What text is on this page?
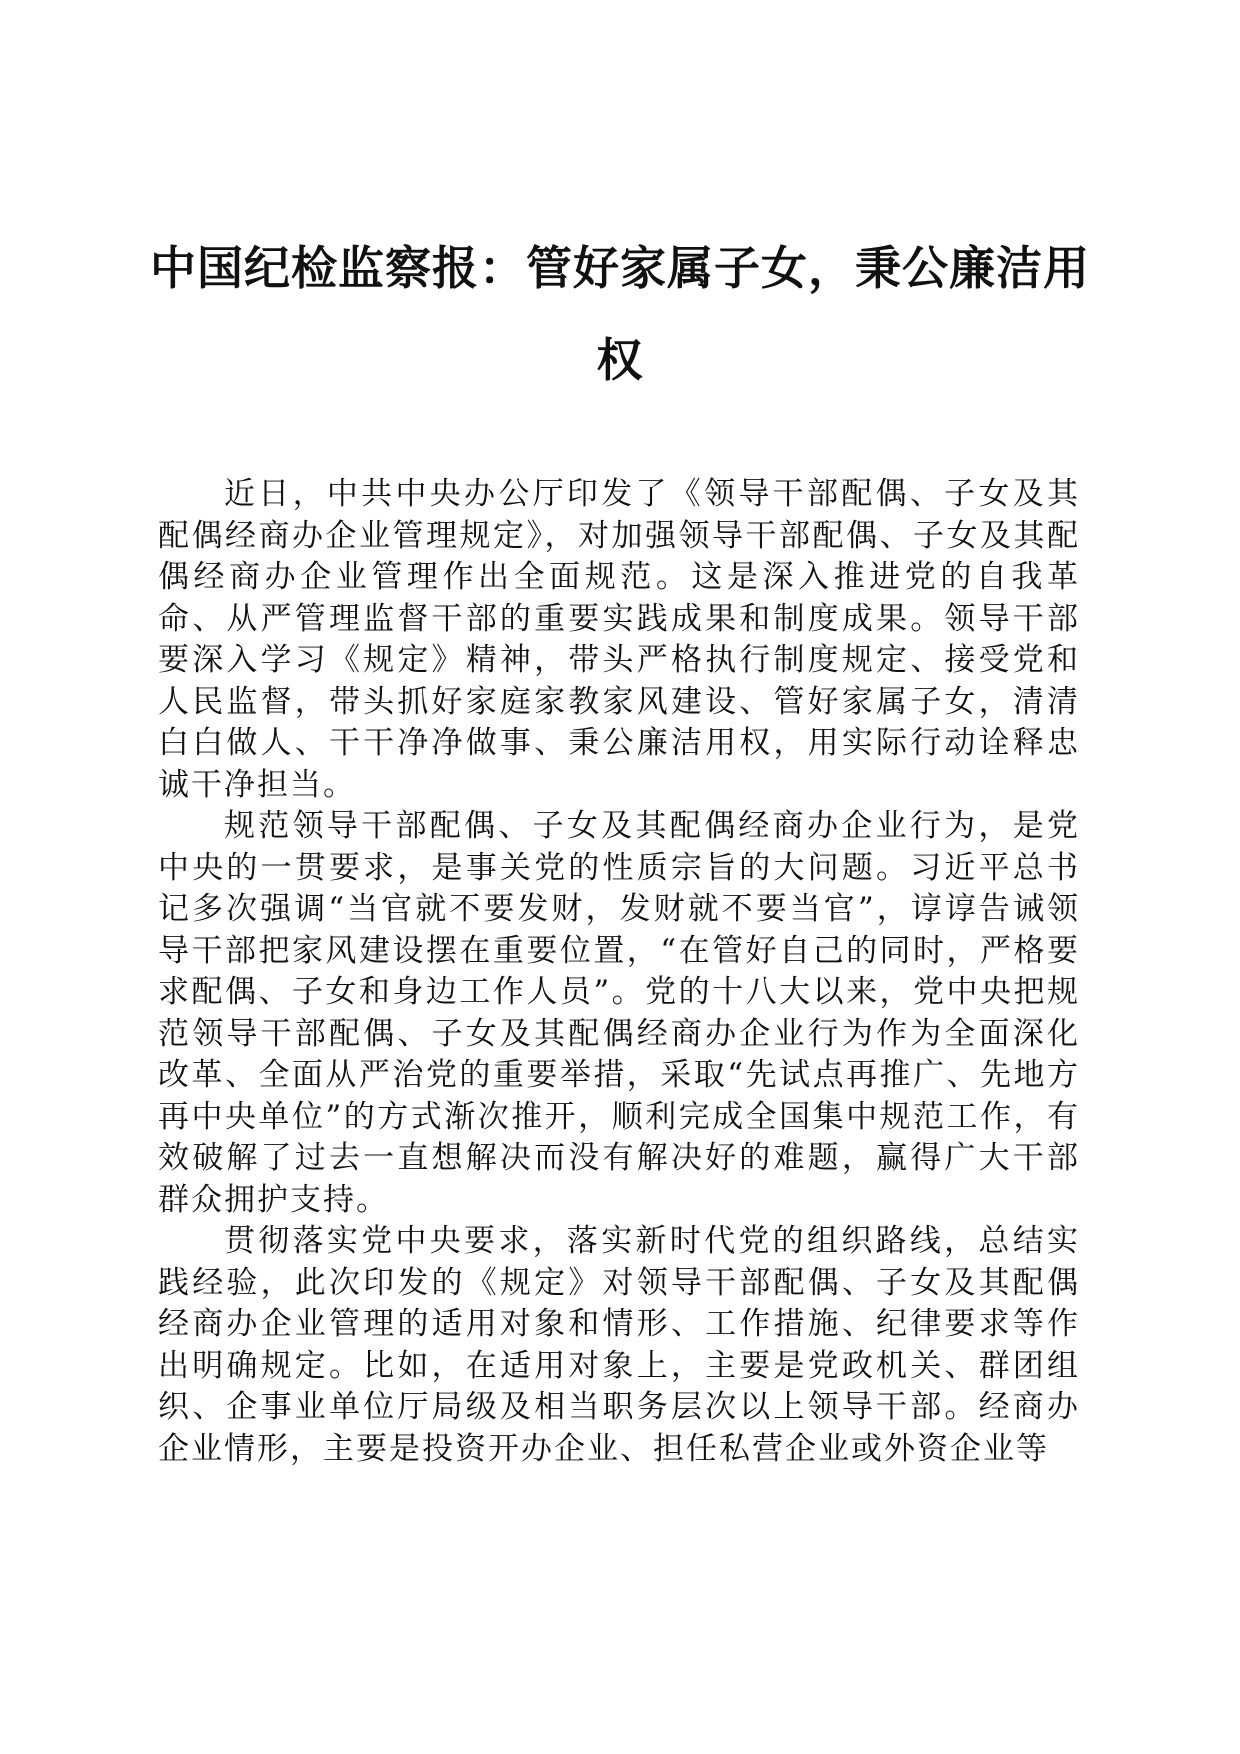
中国纪检监察报：管好家属子女，秉公廉洁用权

近日，中共中央办公厅印发了《领导干部配偶、子女及其配偶经商办企业管理规定》，对加强领导干部配偶、子女及其配偶经商办企业管理作出全面规范。这是深入推进党的自我革命、从严管理监督干部的重要实践成果和制度成果。领导干部要深入学习《规定》精神，带头严格执行制度规定、接受党和人民监督，带头抓好家庭家教家风建设、管好家属子女，清清白白做人、干干净净做事、秉公廉洁用权，用实际行动诠释忠诚干净担当。

规范领导干部配偶、子女及其配偶经商办企业行为，是党中央的一贯要求，是事关党的性质宗旨的大问题。习近平总书记多次强调“当官就不要发财，发财就不要当官”，谆谆告诫领导干部把家风建设摆在重要位置，“在管好自己的同时，严格要求配偶、子女和身边工作人员”。党的十八大以来，党中央把规范领导干部配偶、子女及其配偶经商办企业行为作为全面深化改革、全面从严治党的重要举措，采取“先试点再推广、先地方再中央单位”的方式渐次推开，顺利完成全国集中规范工作，有效破解了过去一直想解决而没有解决好的难题，赢得广大干部群众拥护支持。

贯彻落实党中央要求，落实新时代党的组织路线，总结实践经验，此次印发的《规定》对领导干部配偶、子女及其配偶经商办企业管理的适用对象和情形、工作措施、纪律要求等作出明确规定。比如，在适用对象上，主要是党政机关、群团组织、企事业单位厅局级及相当职务层次以上领导干部。经商办企业情形，主要是投资开办企业、担任私营企业或外资企业等
